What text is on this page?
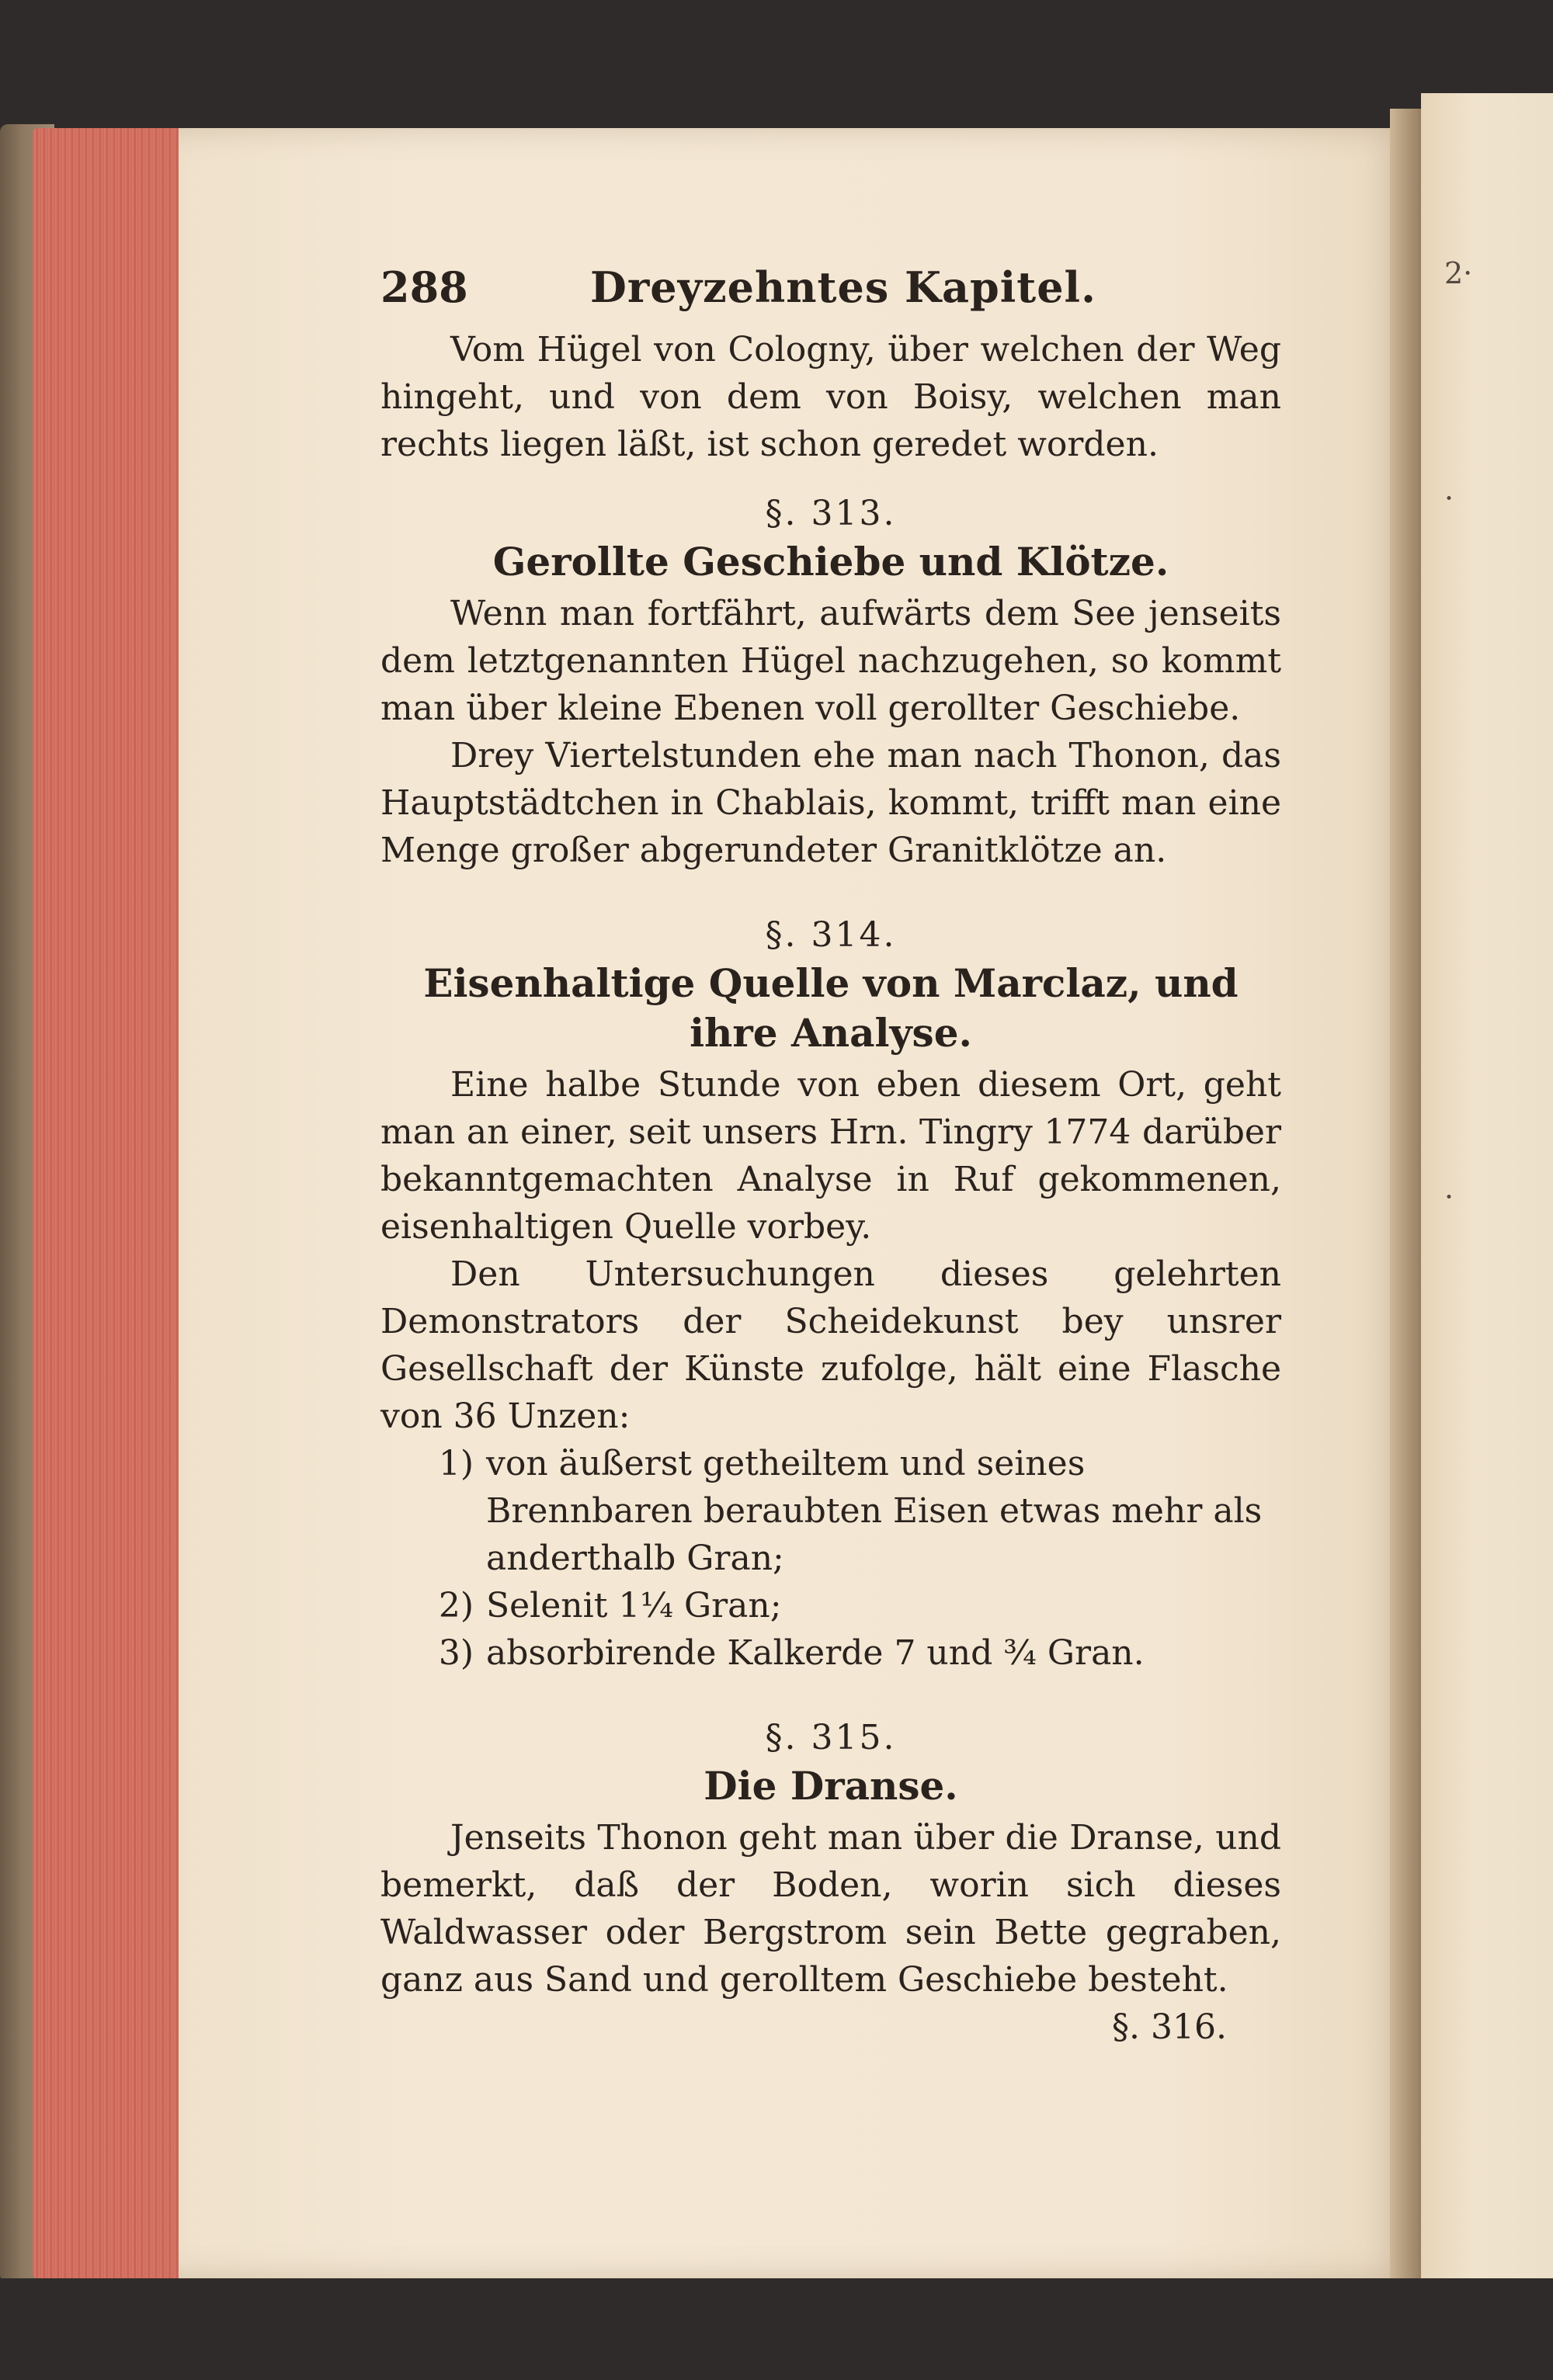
2·
·
·
288	Dreyzehntes Kapitel.

Vom Hügel von Cologny, über welchen der Weg hingeht, und von dem von Boisy, welchen man rechts liegen läßt, ist schon geredet worden.

§. 313.
Gerollte Geschiebe und Klötze.

Wenn man fortfährt, aufwärts dem See jenseits dem letztgenannten Hügel nachzugehen, so kommt man über kleine Ebenen voll gerollter Geschiebe.

Drey Viertelstunden ehe man nach Thonon, das Hauptstädtchen in Chablais, kommt, trifft man eine Menge großer abgerundeter Granitklötze an.

§. 314.
Eisenhaltige Quelle von Marclaz, und ihre Analyse.

Eine halbe Stunde von eben diesem Ort, geht man an einer, seit unsers Hrn. Tingry 1774 darüber bekanntgemachten Analyse in Ruf gekommenen, eisenhaltigen Quelle vorbey.

Den Untersuchungen dieses gelehrten Demonstrators der Scheidekunst bey unsrer Gesellschaft der Künste zufolge, hält eine Flasche von 36 Unzen:

1) von äußerst getheiltem und seines Brennbaren beraubten Eisen etwas mehr als anderthalb Gran;
2) Selenit 1¼ Gran;
3) absorbirende Kalkerde 7 und ¾ Gran.
§. 315.
Die Dranse.

Jenseits Thonon geht man über die Dranse, und bemerkt, daß der Boden, worin sich dieses Waldwasser oder Bergstrom sein Bette gegraben, ganz aus Sand und gerolltem Geschiebe besteht.

§. 316.
